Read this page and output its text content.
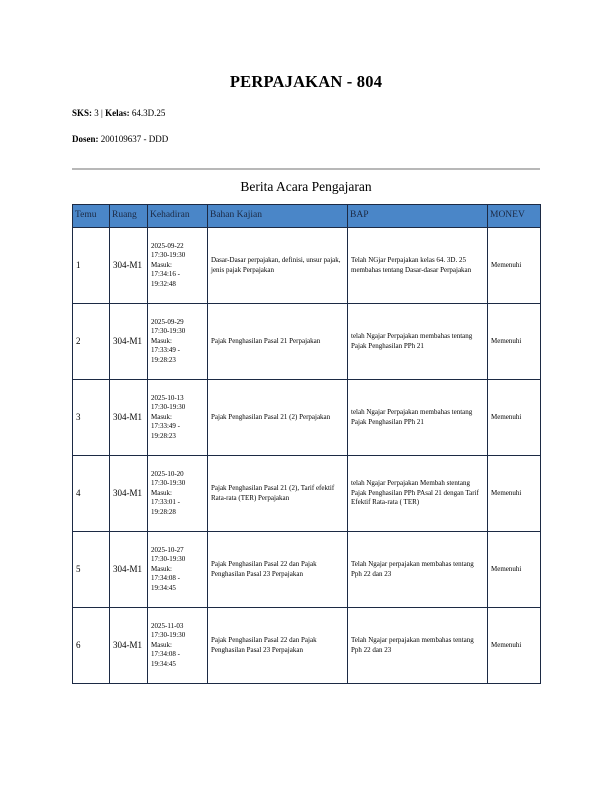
PERPAJAKAN - 804
SKS: 3 | Kelas: 64.3D.25
Dosen: 200109637 - DDD
Berita Acara Pengajaran
Temu	Ruang	Kehadiran	Bahan Kajian	BAP	MONEV
1	304-M1	2025-09-22
17:30-19:30
Masuk:
17:34:16 -
19:32:48	Dasar-Dasar perpajakan, definisi, unsur pajak, jenis pajak Perpajakan	Telah NGjar Perpajakan kelas 64. 3D. 25 membahas tentang Dasar-dasar Perpajakan	Memenuhi
2	304-M1	2025-09-29
17:30-19:30
Masuk:
17:33:49 -
19:28:23	Pajak Penghasilan Pasal 21 Perpajakan	telah Ngajar Perpajakan membahas tentang Pajak Penghasilan PPh 21	Memenuhi
3	304-M1	2025-10-13
17:30-19:30
Masuk:
17:33:49 -
19:28:23	Pajak Penghasilan Pasal 21 (2) Perpajakan	telah Ngajar Perpajakan membahas tentang Pajak Penghasilan PPh 21	Memenuhi
4	304-M1	2025-10-20
17:30-19:30
Masuk:
17:33:01 -
19:28:28	Pajak Penghasilan Pasal 21 (2), Tarif efektif Rata-rata (TER) Perpajakan	telah Ngajar Perpajakan Membah stentang Pajak Penghasilan PPh PAsal 21 dengan Tarif Efektif Rata-rata ( TER)	Memenuhi
5	304-M1	2025-10-27
17:30-19:30
Masuk:
17:34:08 -
19:34:45	Pajak Penghasilan Pasal 22 dan Pajak Penghasilan Pasal 23 Perpajakan	Telah Ngajar perpajakan membahas tentang Pph 22 dan 23	Memenuhi
6	304-M1	2025-11-03
17:30-19:30
Masuk:
17:34:08 -
19:34:45	Pajak Penghasilan Pasal 22 dan Pajak Penghasilan Pasal 23 Perpajakan	Telah Ngajar perpajakan membahas tentang Pph 22 dan 23	Memenuhi
